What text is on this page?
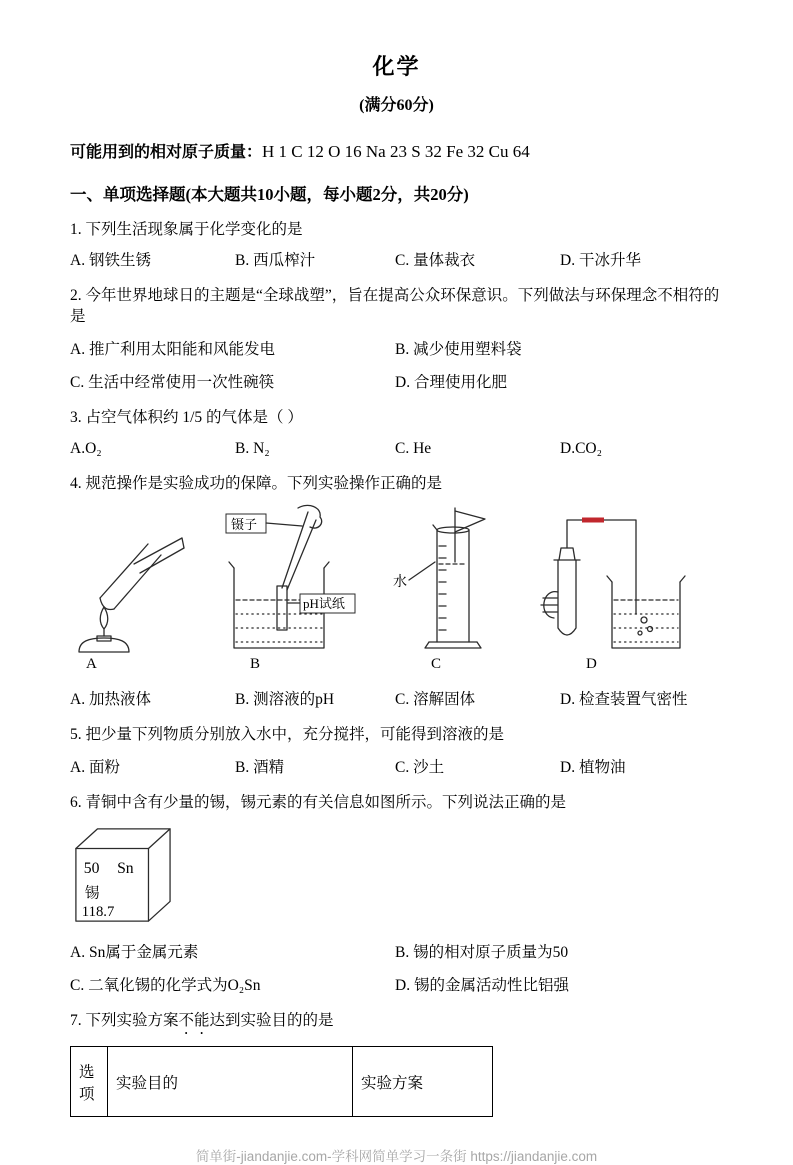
化学
(满分60分)
可能用到的相对原子质量：H 1 C 12 O 16 Na 23 S 32 Fe 32 Cu 64
一、单项选择题(本大题共10小题，每小题2分，共20分)
1. 下列生活现象属于化学变化的是
A. 钢铁生锈	B. 西瓜榨汁	C. 量体裁衣	D. 干冰升华
2. 今年世界地球日的主题是“全球战塑”，旨在提高公众环保意识。下列做法与环保理念不相符的是
A. 推广利用太阳能和风能发电	B. 减少使用塑料袋
C. 生活中经常使用一次性碗筷	D. 合理使用化肥
3. 占空气体积约 1/5 的气体是（ ）
A.O₂	B. N₂	C. He	D.CO₂
4. 规范操作是实验成功的保障。下列实验操作正确的是
A
镊子
pH试纸
B
水
C	D
A. 加热液体	B. 测溶液的pH	C. 溶解固体	D. 检查装置气密性
5. 把少量下列物质分别放入水中，充分搅拌，可能得到溶液的是
A. 面粉	B. 酒精	C. 沙土	D. 植物油
6. 青铜中含有少量的锡，锡元素的有关信息如图所示。下列说法正确的是
50 Sn
锡
118.7
A. Sn属于金属元素	B. 锡的相对原子质量为50
C. 二氧化锡的化学式为O₂Sn	D. 锡的金属活动性比铝强
7. 下列实验方案不能达到实验目的的是
选项	实验目的	实验方案
简单街-jiandanjie.com-学科网简单学习一条街 https://jiandanjie.com
